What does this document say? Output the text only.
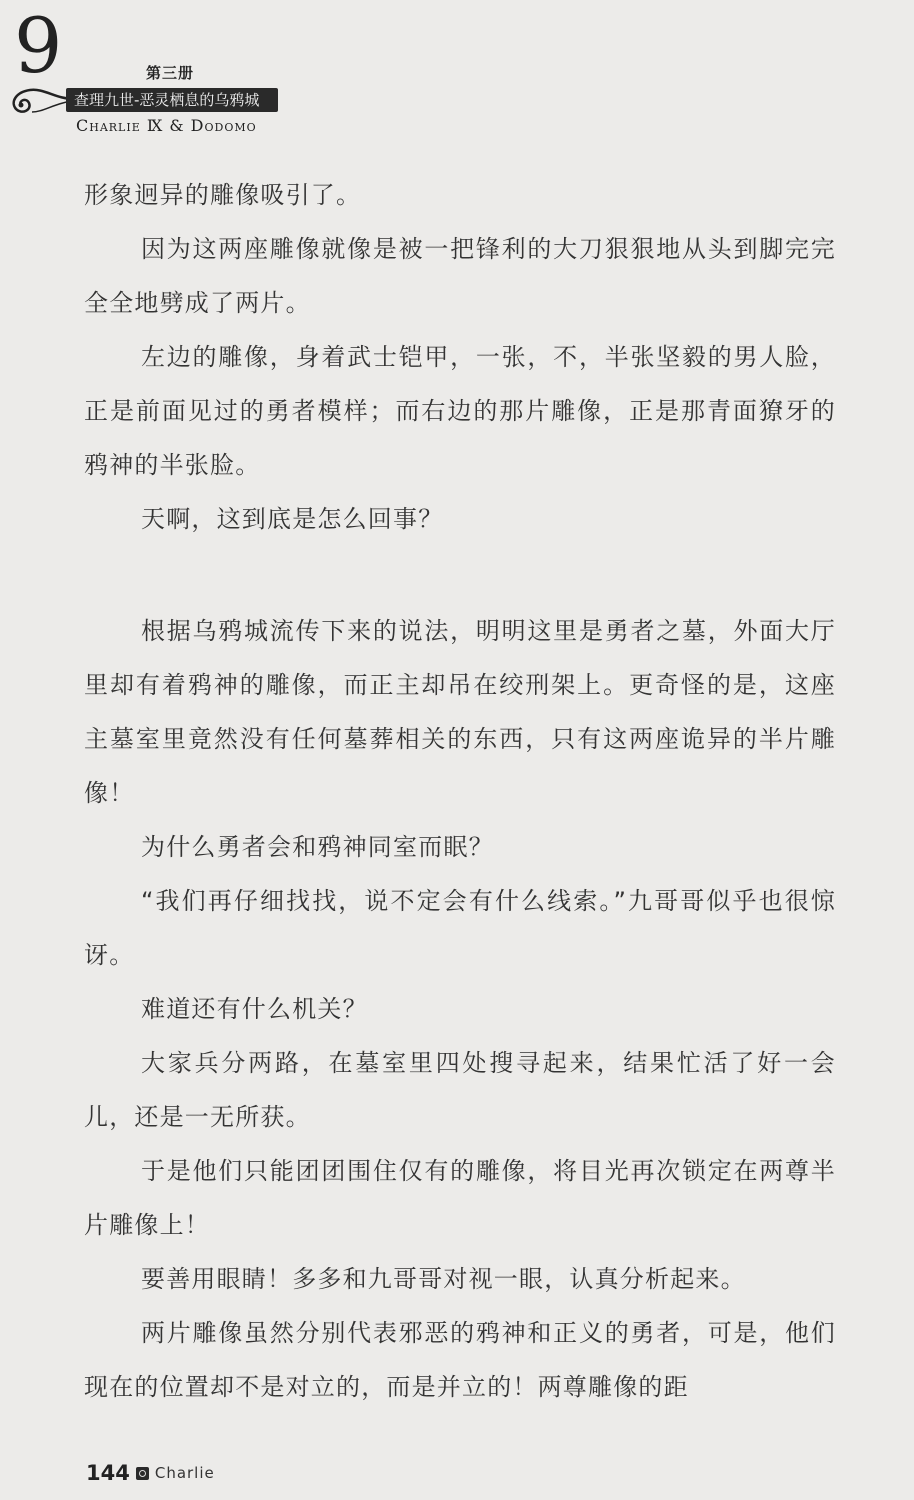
9	第三册
查理九世-恶灵栖息的乌鸦城
Charlie Ⅸ & Dodomo

形象迥异的雕像吸引了。

因为这两座雕像就像是被一把锋利的大刀狠狠地从头到脚完完全全地劈成了两片。

左边的雕像，身着武士铠甲，一张，不，半张坚毅的男人脸，正是前面见过的勇者模样；而右边的那片雕像，正是那青面獠牙的鸦神的半张脸。

天啊，这到底是怎么回事？

根据乌鸦城流传下来的说法，明明这里是勇者之墓，外面大厅里却有着鸦神的雕像，而正主却吊在绞刑架上。更奇怪的是，这座主墓室里竟然没有任何墓葬相关的东西，只有这两座诡异的半片雕像！

为什么勇者会和鸦神同室而眠？

“我们再仔细找找，说不定会有什么线索。”九哥哥似乎也很惊讶。

难道还有什么机关？

大家兵分两路，在墓室里四处搜寻起来，结果忙活了好一会儿，还是一无所获。

于是他们只能团团围住仅有的雕像，将目光再次锁定在两尊半片雕像上！

要善用眼睛！多多和九哥哥对视一眼，认真分析起来。

两片雕像虽然分别代表邪恶的鸦神和正义的勇者，可是，他们现在的位置却不是对立的，而是并立的！两尊雕像的距

144 Charlie
